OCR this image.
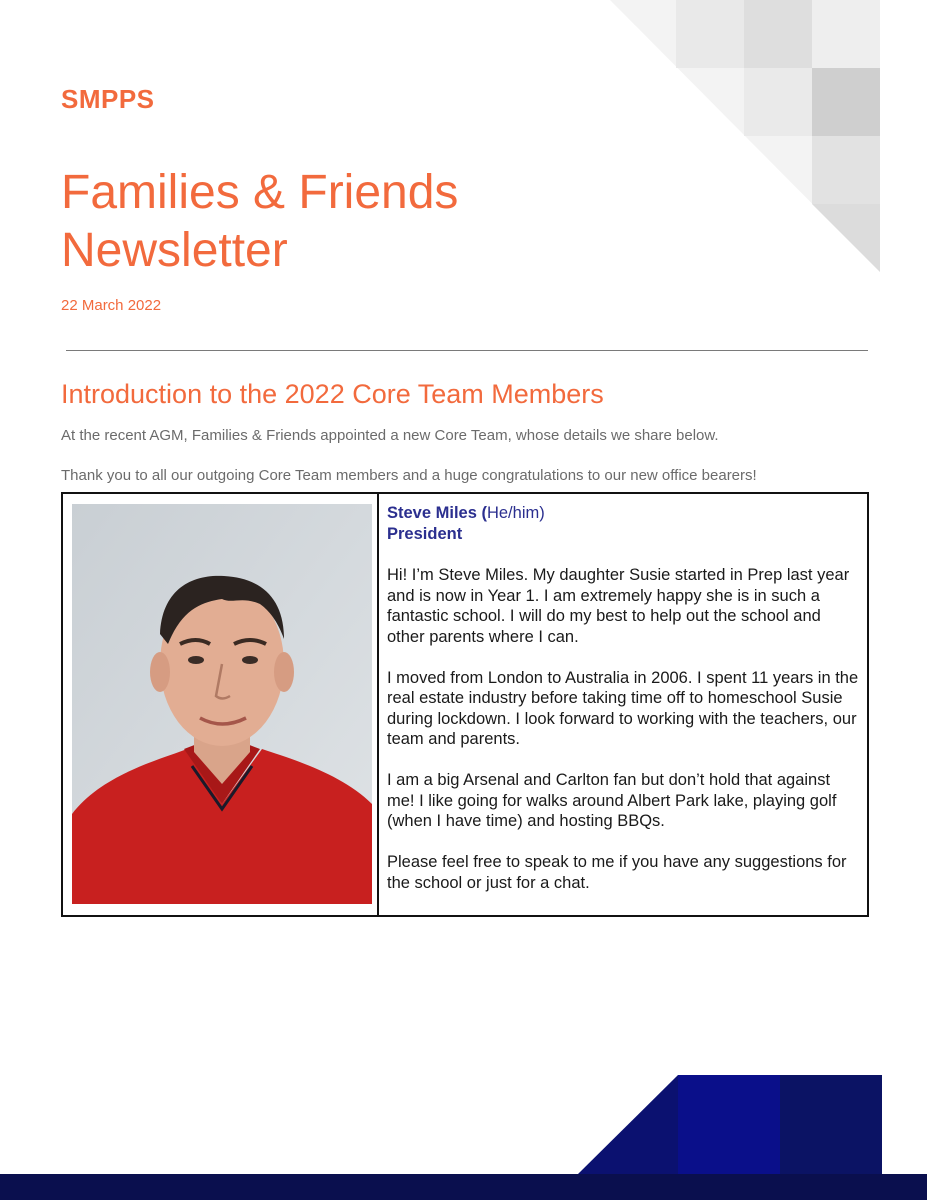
SMPPS
Families & Friends
Newsletter
22 March 2022
Introduction to the 2022 Core Team Members
At the recent AGM, Families & Friends appointed a new Core Team, whose details we share below.
Thank you to all our outgoing Core Team members and a huge congratulations to our new office bearers!
Steve Miles (He/him)
President

Hi! I’m Steve Miles. My daughter Susie started in Prep last year and is now in Year 1. I am extremely happy she is in such a fantastic school. I will do my best to help out the school and other parents where I can.

I moved from London to Australia in 2006. I spent 11 years in the real estate industry before taking time off to homeschool Susie during lockdown. I look forward to working with the teachers, our team and parents.

I am a big Arsenal and Carlton fan but don’t hold that against me! I like going for walks around Albert Park lake, playing golf (when I have time) and hosting BBQs.

Please feel free to speak to me if you have any suggestions for the school or just for a chat.
